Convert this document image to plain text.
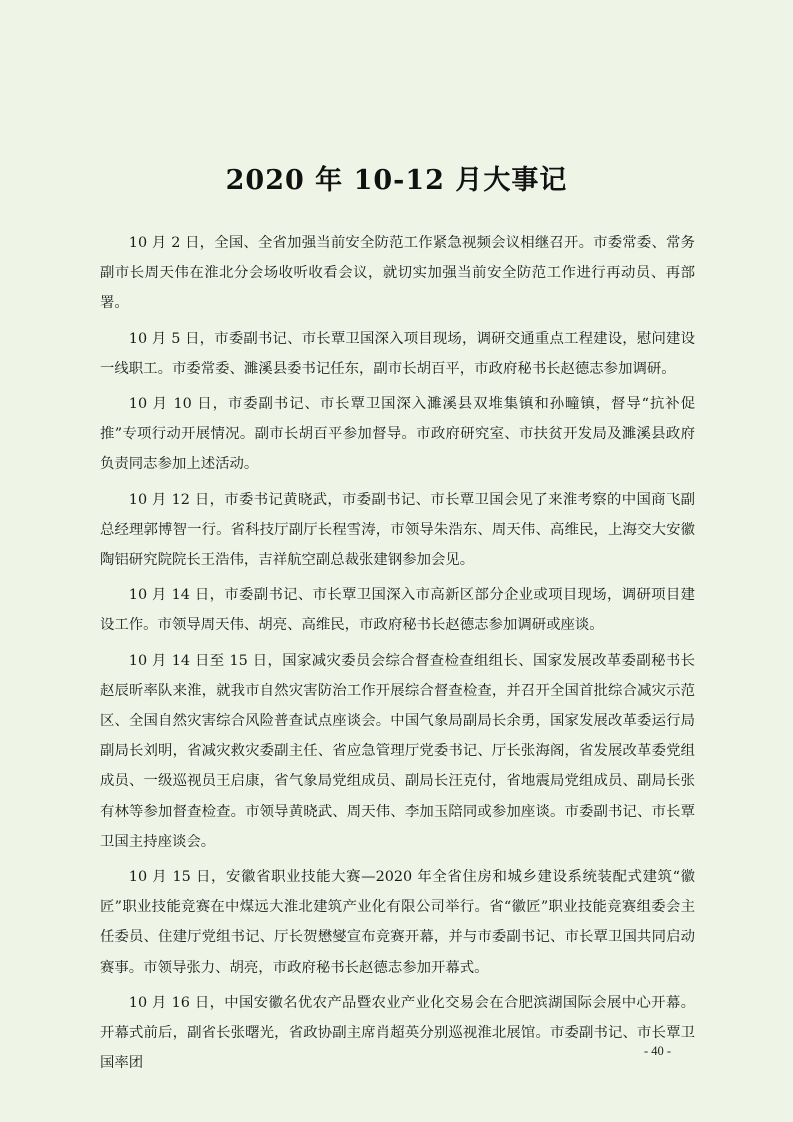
2020 年 10-12 月大事记

10 月 2 日，全国、全省加强当前安全防范工作紧急视频会议相继召开。市委常委、常务副市长周天伟在淮北分会场收听收看会议，就切实加强当前安全防范工作进行再动员、再部署。

10 月 5 日，市委副书记、市长覃卫国深入项目现场，调研交通重点工程建设，慰问建设一线职工。市委常委、濉溪县委书记任东，副市长胡百平，市政府秘书长赵德志参加调研。

10 月 10 日，市委副书记、市长覃卫国深入濉溪县双堆集镇和孙疃镇，督导“抗补促推”专项行动开展情况。副市长胡百平参加督导。市政府研究室、市扶贫开发局及濉溪县政府负责同志参加上述活动。

10 月 12 日，市委书记黄晓武，市委副书记、市长覃卫国会见了来淮考察的中国商飞副总经理郭博智一行。省科技厅副厅长程雪涛，市领导朱浩东、周天伟、高维民，上海交大安徽陶铝研究院院长王浩伟，吉祥航空副总裁张建钢参加会见。

10 月 14 日，市委副书记、市长覃卫国深入市高新区部分企业或项目现场，调研项目建设工作。市领导周天伟、胡亮、高维民，市政府秘书长赵德志参加调研或座谈。

10 月 14 日至 15 日，国家减灾委员会综合督查检查组组长、国家发展改革委副秘书长赵辰昕率队来淮，就我市自然灾害防治工作开展综合督查检查，并召开全国首批综合减灾示范区、全国自然灾害综合风险普查试点座谈会。中国气象局副局长余勇，国家发展改革委运行局副局长刘明，省减灾救灾委副主任、省应急管理厅党委书记、厅长张海阁，省发展改革委党组成员、一级巡视员王启康，省气象局党组成员、副局长汪克付，省地震局党组成员、副局长张有林等参加督查检查。市领导黄晓武、周天伟、李加玉陪同或参加座谈。市委副书记、市长覃卫国主持座谈会。

10 月 15 日，安徽省职业技能大赛—2020 年全省住房和城乡建设系统装配式建筑“徽匠”职业技能竞赛在中煤远大淮北建筑产业化有限公司举行。省“徽匠”职业技能竞赛组委会主任委员、住建厅党组书记、厅长贺懋燮宣布竞赛开幕，并与市委副书记、市长覃卫国共同启动赛事。市领导张力、胡亮，市政府秘书长赵德志参加开幕式。

10 月 16 日，中国安徽名优农产品暨农业产业化交易会在合肥滨湖国际会展中心开幕。开幕式前后，副省长张曙光，省政协副主席肖超英分别巡视淮北展馆。市委副书记、市长覃卫国率团

- 40 -
